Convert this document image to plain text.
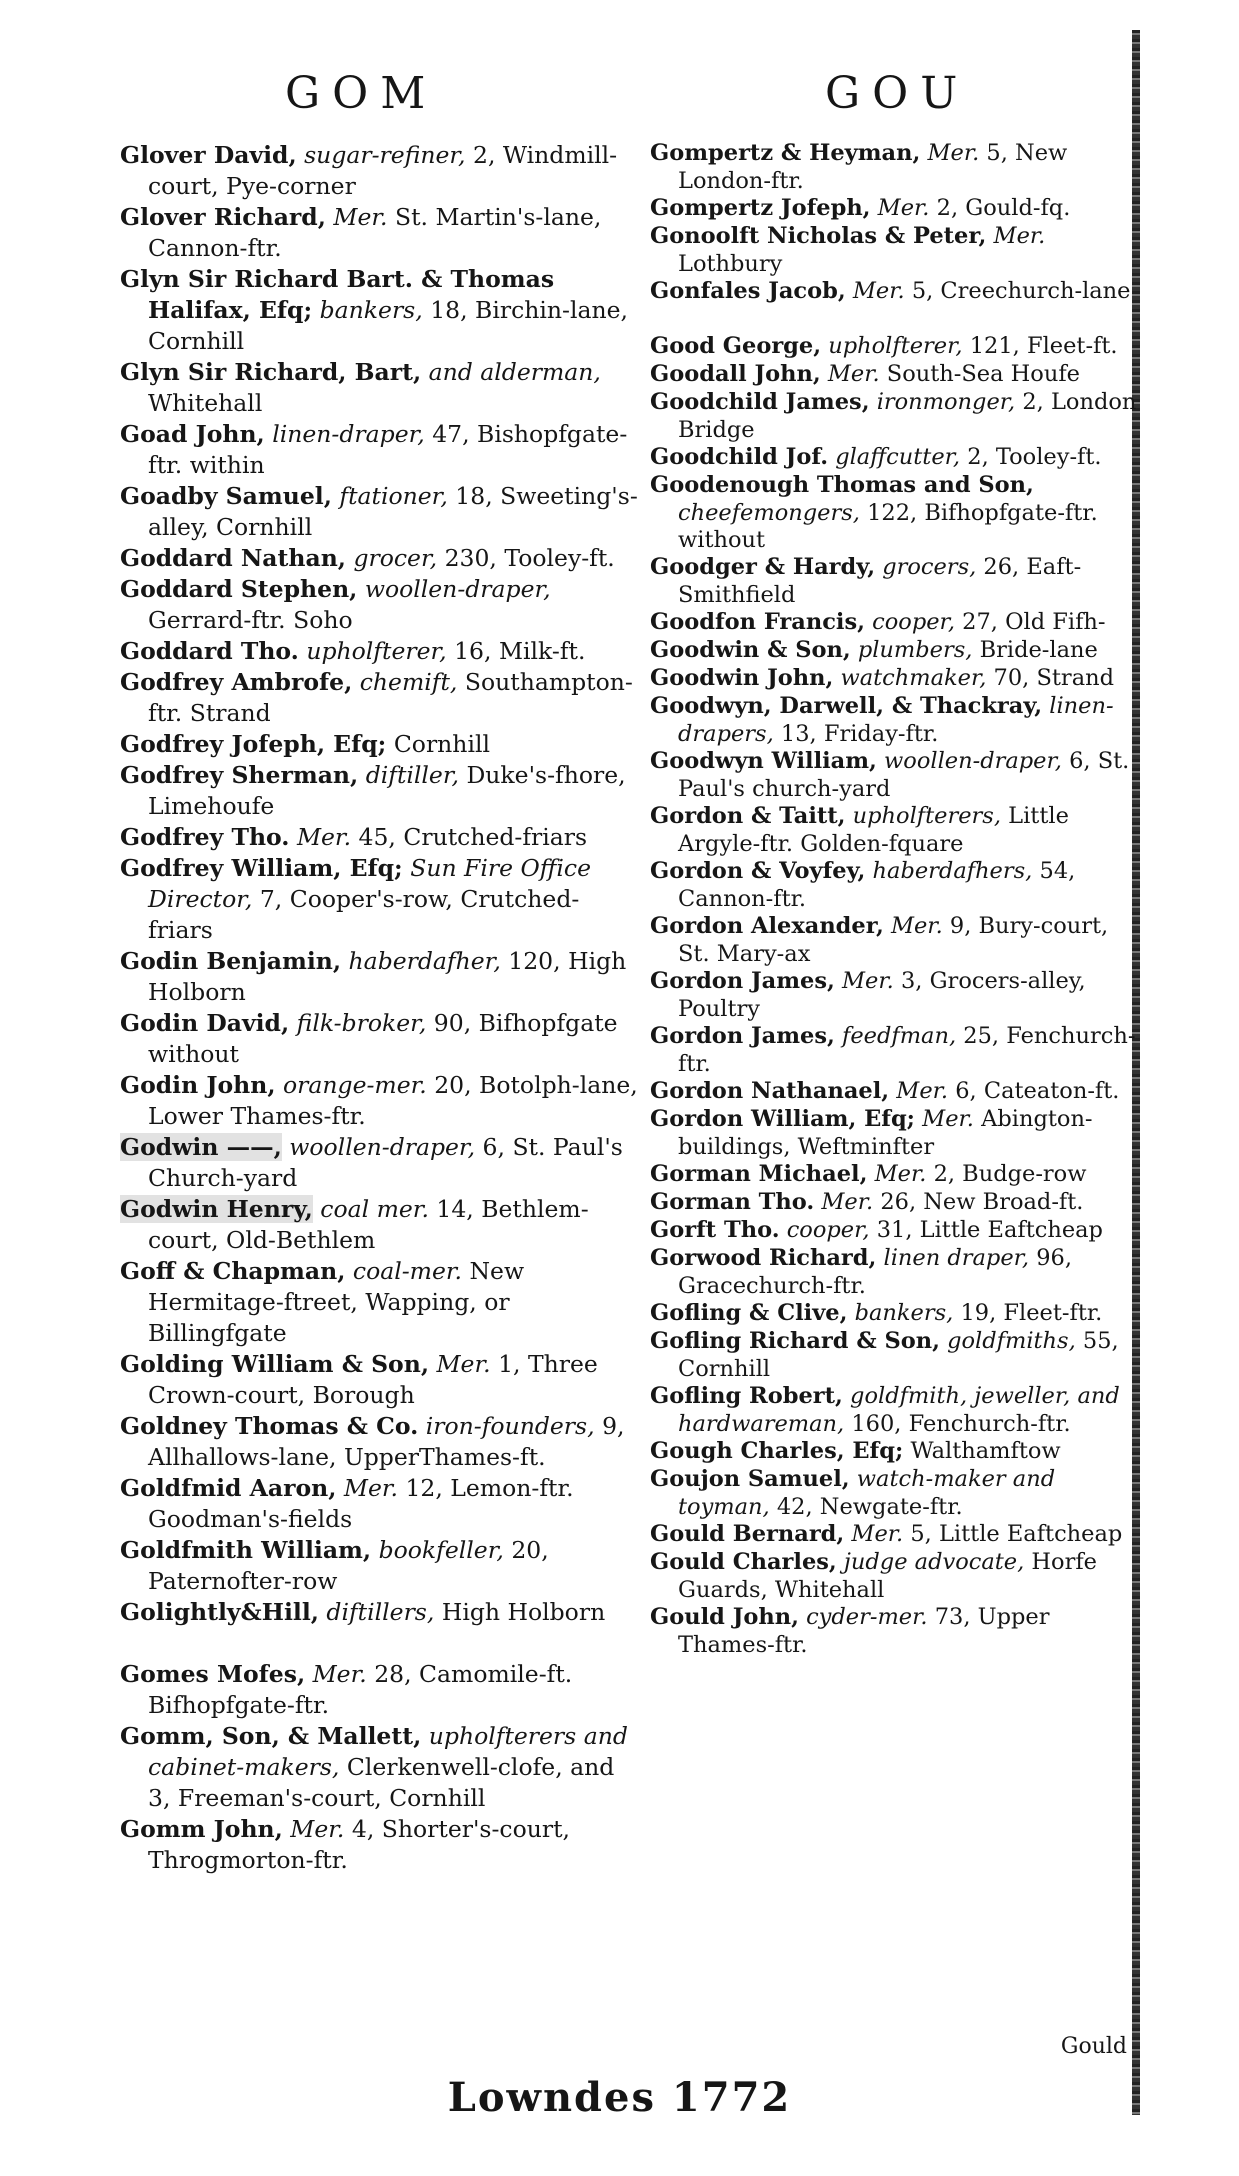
GOM	GOU
Glover David, sugar-refiner, 2, Windmill-court, Pye-corner
Glover Richard, Mer. St. Martin's-lane, Cannon-ftr.
Glyn Sir Richard Bart. & Thomas Halifax, Efq; bankers, 18, Birchin-lane, Cornhill
Glyn Sir Richard, Bart, and alderman, Whitehall
Goad John, linen-draper, 47, Bishopfgate-ftr. within
Goadby Samuel, ftationer, 18, Sweeting's-alley, Cornhill
Goddard Nathan, grocer, 230, Tooley-ft.
Goddard Stephen, woollen-draper, Gerrard-ftr. Soho
Goddard Tho. upholfterer, 16, Milk-ft.
Godfrey Ambrofe, chemift, Southampton-ftr. Strand
Godfrey Jofeph, Efq; Cornhill
Godfrey Sherman, diftiller, Duke's-fhore, Limehoufe
Godfrey Tho. Mer. 45, Crutched-friars
Godfrey William, Efq; Sun Fire Office Director, 7, Cooper's-row, Crutched-friars
Godin Benjamin, haberdafher, 120, High Holborn
Godin David, filk-broker, 90, Bifhopfgate without
Godin John, orange-mer. 20, Botolph-lane, Lower Thames-ftr.
Godwin ——, woollen-draper, 6, St. Paul's Church-yard
Godwin Henry, coal mer. 14, Bethlem-court, Old-Bethlem
Goff & Chapman, coal-mer. New Hermitage-ftreet, Wapping, or Billingfgate
Golding William & Son, Mer. 1, Three Crown-court, Borough
Goldney Thomas & Co. iron-founders, 9, Allhallows-lane, UpperThames-ft.
Goldfmid Aaron, Mer. 12, Lemon-ftr. Goodman's-fields
Goldfmith William, bookfeller, 20, Paternofter-row
Golightly&Hill, diftillers, High Holborn
Gomes Mofes, Mer. 28, Camomile-ft. Bifhopfgate-ftr.
Gomm, Son, & Mallett, upholfterers and cabinet-makers, Clerkenwell-clofe, and 3, Freeman's-court, Cornhill
Gomm John, Mer. 4, Shorter's-court, Throgmorton-ftr.
Gompertz & Heyman, Mer. 5, New London-ftr.
Gompertz Jofeph, Mer. 2, Gould-fq.
Gonoolft Nicholas & Peter, Mer. Lothbury
Gonfales Jacob, Mer. 5, Creechurch-lane
Good George, upholfterer, 121, Fleet-ft.
Goodall John, Mer. South-Sea Houfe
Goodchild James, ironmonger, 2, London Bridge
Goodchild Jof. glaffcutter, 2, Tooley-ft.
Goodenough Thomas and Son, cheefemongers, 122, Bifhopfgate-ftr. without
Goodger & Hardy, grocers, 26, Eaft-Smithfield
Goodfon Francis, cooper, 27, Old Fifh-
Goodwin & Son, plumbers, Bride-lane
Goodwin John, watchmaker, 70, Strand
Goodwyn, Darwell, & Thackray, linen-drapers, 13, Friday-ftr.
Goodwyn William, woollen-draper, 6, St. Paul's church-yard
Gordon & Taitt, upholfterers, Little Argyle-ftr. Golden-fquare
Gordon & Voyfey, haberdafhers, 54, Cannon-ftr.
Gordon Alexander, Mer. 9, Bury-court, St. Mary-ax
Gordon James, Mer. 3, Grocers-alley, Poultry
Gordon James, feedfman, 25, Fenchurch-ftr.
Gordon Nathanael, Mer. 6, Cateaton-ft.
Gordon William, Efq; Mer. Abington-buildings, Weftminfter
Gorman Michael, Mer. 2, Budge-row
Gorman Tho. Mer. 26, New Broad-ft.
Gorft Tho. cooper, 31, Little Eaftcheap
Gorwood Richard, linen draper, 96, Gracechurch-ftr.
Gofling & Clive, bankers, 19, Fleet-ftr.
Gofling Richard & Son, goldfmiths, 55, Cornhill
Gofling Robert, goldfmith, jeweller, and hardwareman, 160, Fenchurch-ftr.
Gough Charles, Efq; Walthamftow
Goujon Samuel, watch-maker and toyman, 42, Newgate-ftr.
Gould Bernard, Mer. 5, Little Eaftcheap
Gould Charles, judge advocate, Horfe Guards, Whitehall
Gould John, cyder-mer. 73, Upper Thames-ftr.
Gould
Lowndes 1772
